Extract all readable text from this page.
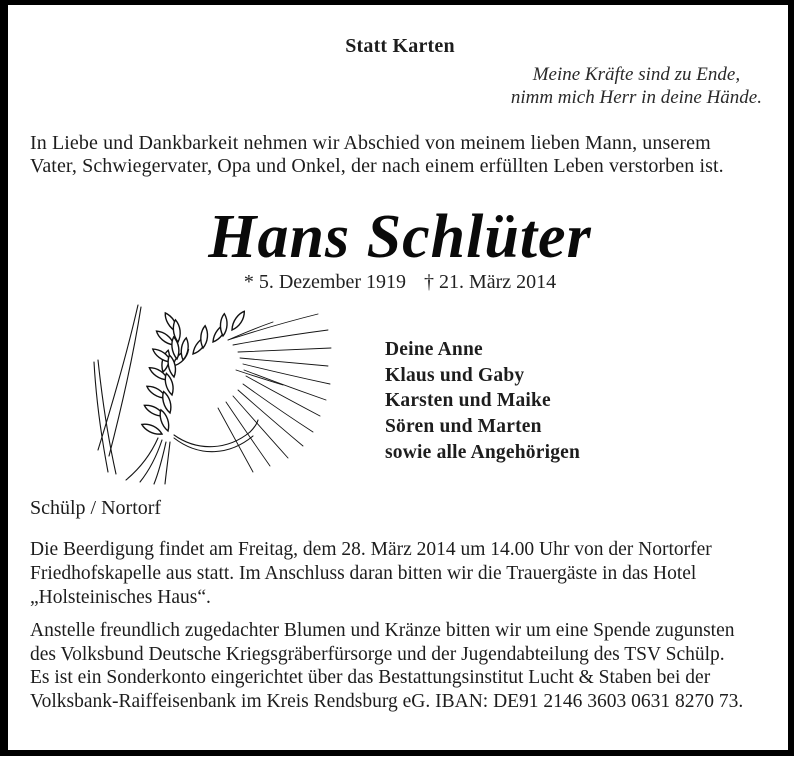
Statt Karten
Meine Kräfte sind zu Ende,
nimm mich Herr in deine Hände.
In Liebe und Dankbarkeit nehmen wir Abschied von meinem lieben Mann, unserem
Vater, Schwiegervater, Opa und Onkel, der nach einem erfüllten Leben verstorben ist.
Hans Schlüter
* 5. Dezember 1919 † 21. März 2014
Deine Anne
Klaus und Gaby
Karsten und Maike
Sören und Marten
sowie alle Angehörigen
Schülp / Nortorf
Die Beerdigung findet am Freitag, dem 28. März 2014 um 14.00 Uhr von der Nortorfer
Friedhofskapelle aus statt. Im Anschluss daran bitten wir die Trauergäste in das Hotel
„Holsteinisches Haus“.
Anstelle freundlich zugedachter Blumen und Kränze bitten wir um eine Spende zugunsten
des Volksbund Deutsche Kriegsgräberfürsorge und der Jugendabteilung des TSV Schülp.
Es ist ein Sonderkonto eingerichtet über das Bestattungsinstitut Lucht & Staben bei der
Volksbank-Raiffeisenbank im Kreis Rendsburg eG. IBAN: DE91 2146 3603 0631 8270 73.
